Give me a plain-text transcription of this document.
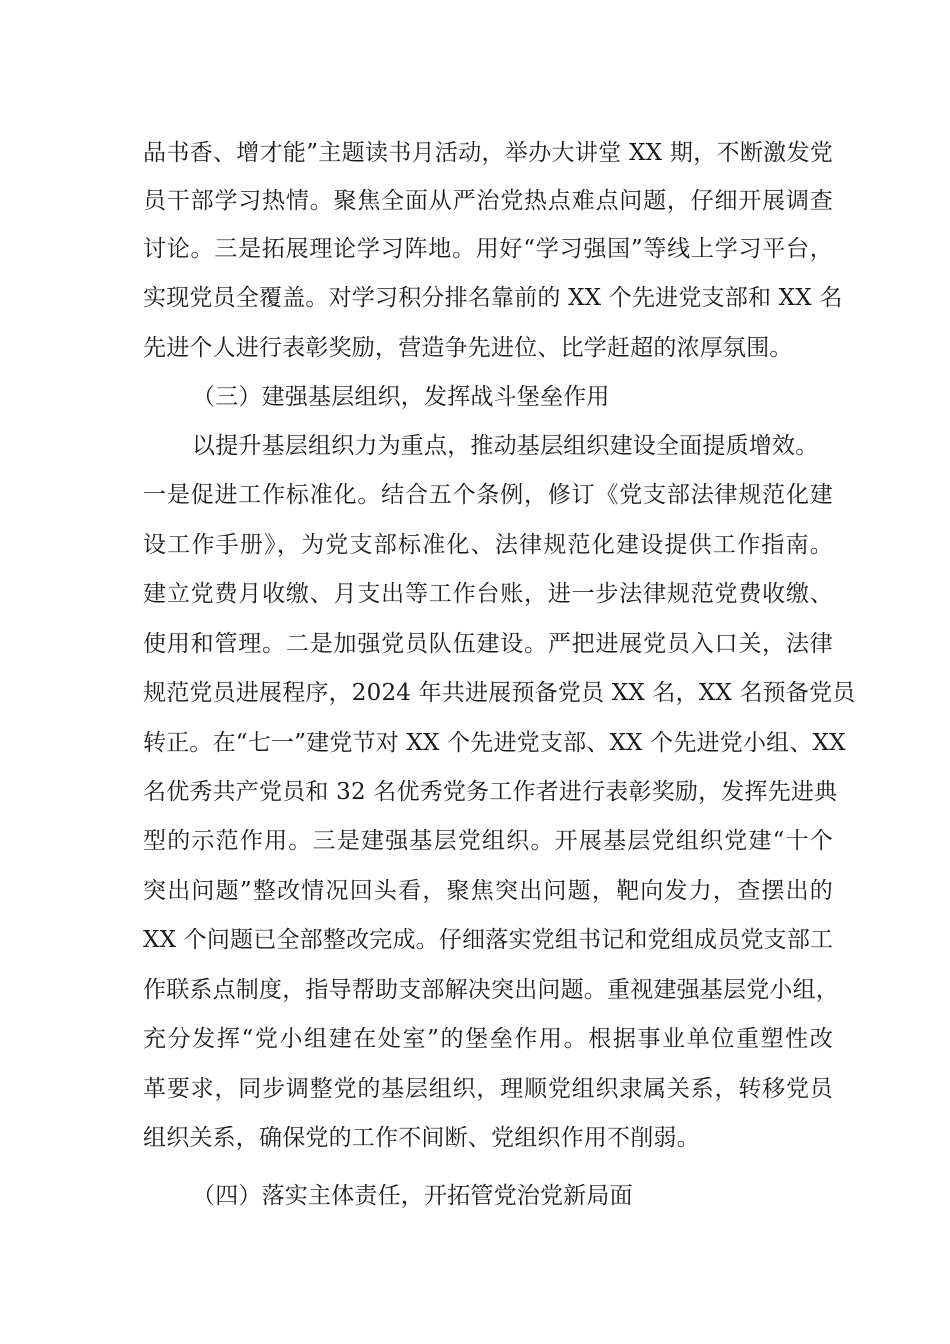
品书香、增才能”主题读书月活动，举办大讲堂 XX 期，不断激发党
员干部学习热情。聚焦全面从严治党热点难点问题，仔细开展调查
讨论。三是拓展理论学习阵地。用好“学习强国”等线上学习平台，
实现党员全覆盖。对学习积分排名靠前的 XX 个先进党支部和 XX 名
先进个人进行表彰奖励，营造争先进位、比学赶超的浓厚氛围。
（三）建强基层组织，发挥战斗堡垒作用
以提升基层组织力为重点，推动基层组织建设全面提质增效。
一是促进工作标准化。结合五个条例，修订《党支部法律规范化建
设工作手册》，为党支部标准化、法律规范化建设提供工作指南。
建立党费月收缴、月支出等工作台账，进一步法律规范党费收缴、
使用和管理。二是加强党员队伍建设。严把进展党员入口关，法律
规范党员进展程序，2024 年共进展预备党员 XX 名，XX 名预备党员
转正。在“七一”建党节对 XX 个先进党支部、XX 个先进党小组、XX
名优秀共产党员和 32 名优秀党务工作者进行表彰奖励，发挥先进典
型的示范作用。三是建强基层党组织。开展基层党组织党建“十个
突出问题”整改情况回头看，聚焦突出问题，靶向发力，查摆出的
XX 个问题已全部整改完成。仔细落实党组书记和党组成员党支部工
作联系点制度，指导帮助支部解决突出问题。重视建强基层党小组，
充分发挥“党小组建在处室”的堡垒作用。根据事业单位重塑性改
革要求，同步调整党的基层组织，理顺党组织隶属关系，转移党员
组织关系，确保党的工作不间断、党组织作用不削弱。
（四）落实主体责任，开拓管党治党新局面
